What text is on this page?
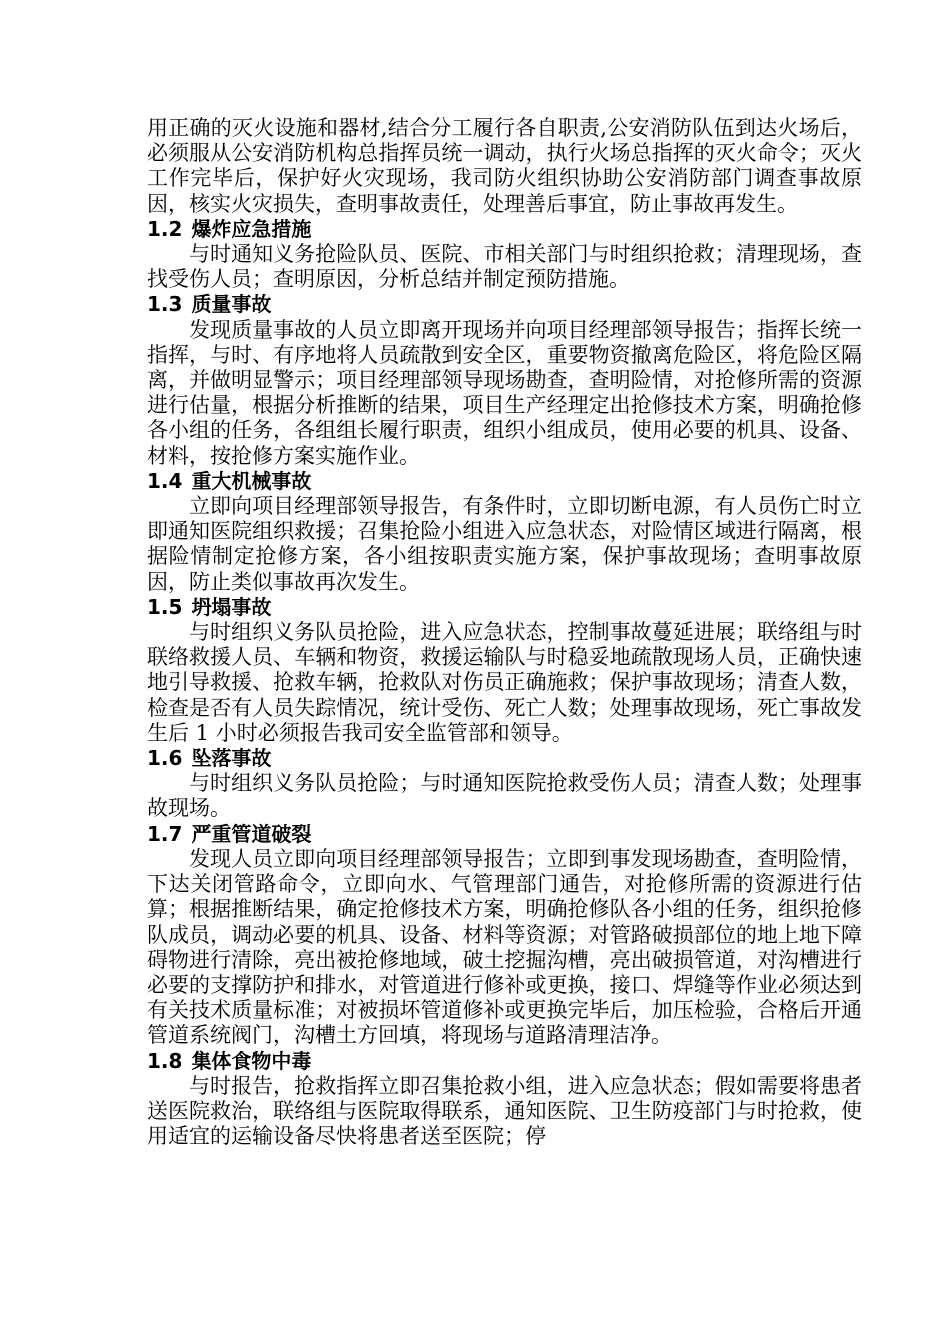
用正确的灭火设施和器材,结合分工履行各自职责,公安消防队伍到达火场后，必须服从公安消防机构总指挥员统一调动，执行火场总指挥的灭火命令；灭火工作完毕后，保护好火灾现场，我司防火组织协助公安消防部门调查事故原因，核实火灾损失，查明事故责任，处理善后事宜，防止事故再发生。

1.2 爆炸应急措施

与时通知义务抢险队员、医院、市相关部门与时组织抢救；清理现场，查找受伤人员；查明原因，分析总结并制定预防措施。

1.3 质量事故

发现质量事故的人员立即离开现场并向项目经理部领导报告；指挥长统一指挥，与时、有序地将人员疏散到安全区，重要物资撤离危险区，将危险区隔离，并做明显警示；项目经理部领导现场勘查，查明险情，对抢修所需的资源进行估量，根据分析推断的结果，项目生产经理定出抢修技术方案，明确抢修各小组的任务，各组组长履行职责，组织小组成员，使用必要的机具、设备、材料，按抢修方案实施作业。

1.4 重大机械事故

立即向项目经理部领导报告，有条件时，立即切断电源，有人员伤亡时立即通知医院组织救援；召集抢险小组进入应急状态，对险情区域进行隔离，根据险情制定抢修方案，各小组按职责实施方案，保护事故现场；查明事故原因，防止类似事故再次发生。

1.5 坍塌事故

与时组织义务队员抢险，进入应急状态，控制事故蔓延进展；联络组与时联络救援人员、车辆和物资，救援运输队与时稳妥地疏散现场人员，正确快速地引导救援、抢救车辆，抢救队对伤员正确施救；保护事故现场；清查人数，检查是否有人员失踪情况，统计受伤、死亡人数；处理事故现场，死亡事故发生后 1 小时必须报告我司安全监管部和领导。

1.6 坠落事故

与时组织义务队员抢险；与时通知医院抢救受伤人员；清查人数；处理事故现场。

1.7 严重管道破裂

发现人员立即向项目经理部领导报告；立即到事发现场勘查，查明险情，下达关闭管路命令，立即向水、气管理部门通告，对抢修所需的资源进行估算；根据推断结果，确定抢修技术方案，明确抢修队各小组的任务，组织抢修队成员，调动必要的机具、设备、材料等资源；对管路破损部位的地上地下障碍物进行清除，亮出被抢修地域，破土挖掘沟槽，亮出破损管道，对沟槽进行必要的支撑防护和排水，对管道进行修补或更换，接口、焊缝等作业必须达到有关技术质量标准；对被损坏管道修补或更换完毕后，加压检验，合格后开通管道系统阀门，沟槽土方回填，将现场与道路清理洁净。

1.8 集体食物中毒

与时报告，抢救指挥立即召集抢救小组，进入应急状态；假如需要将患者送医院救治，联络组与医院取得联系，通知医院、卫生防疫部门与时抢救，使用适宜的运输设备尽快将患者送至医院；停
